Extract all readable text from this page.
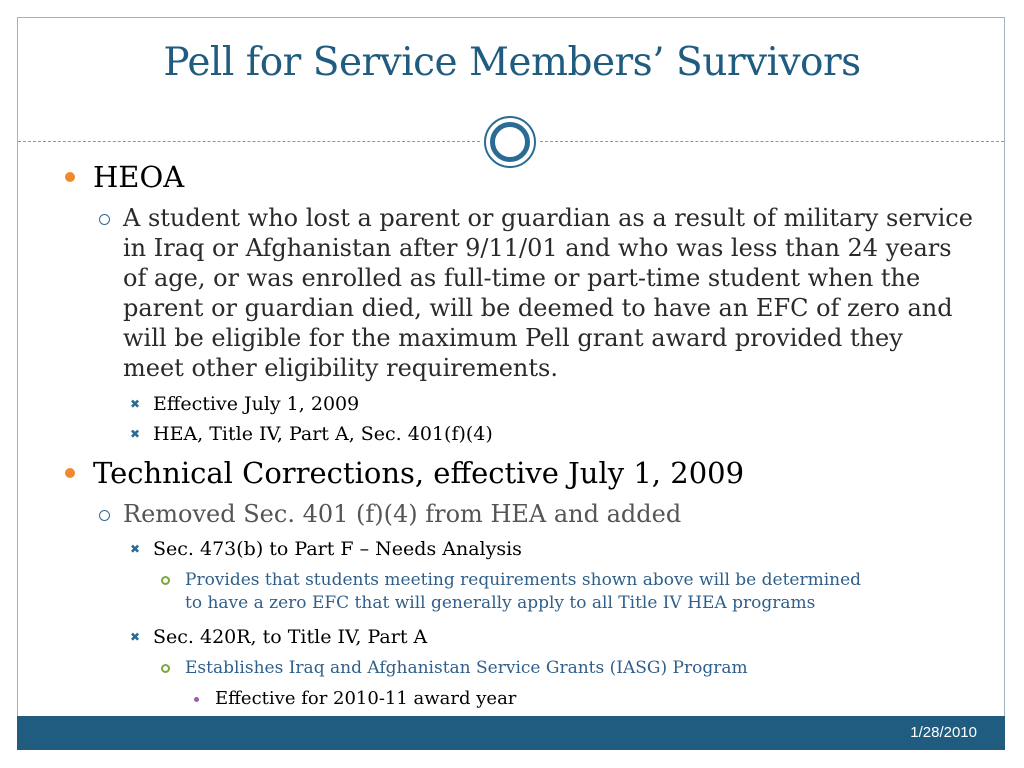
Pell for Service Members’ Survivors
HEOA
A student who lost a parent or guardian as a result of military service
in Iraq or Afghanistan after 9/11/01 and who was less than 24 years
of age, or was enrolled as full-time or part-time student when the
parent or guardian died, will be deemed to have an EFC of zero and
will be eligible for the maximum Pell grant award provided they
meet other eligibility requirements.
✖ Effective July 1, 2009
✖ HEA, Title IV, Part A, Sec. 401(f)(4)
Technical Corrections, effective July 1, 2009
Removed Sec. 401 (f)(4) from HEA and added
✖ Sec. 473(b) to Part F – Needs Analysis
Provides that students meeting requirements shown above will be determined
to have a zero EFC that will generally apply to all Title IV HEA programs
✖ Sec. 420R, to Title IV, Part A
Establishes Iraq and Afghanistan Service Grants (IASG) Program
Effective for 2010-11 award year
1/28/2010
